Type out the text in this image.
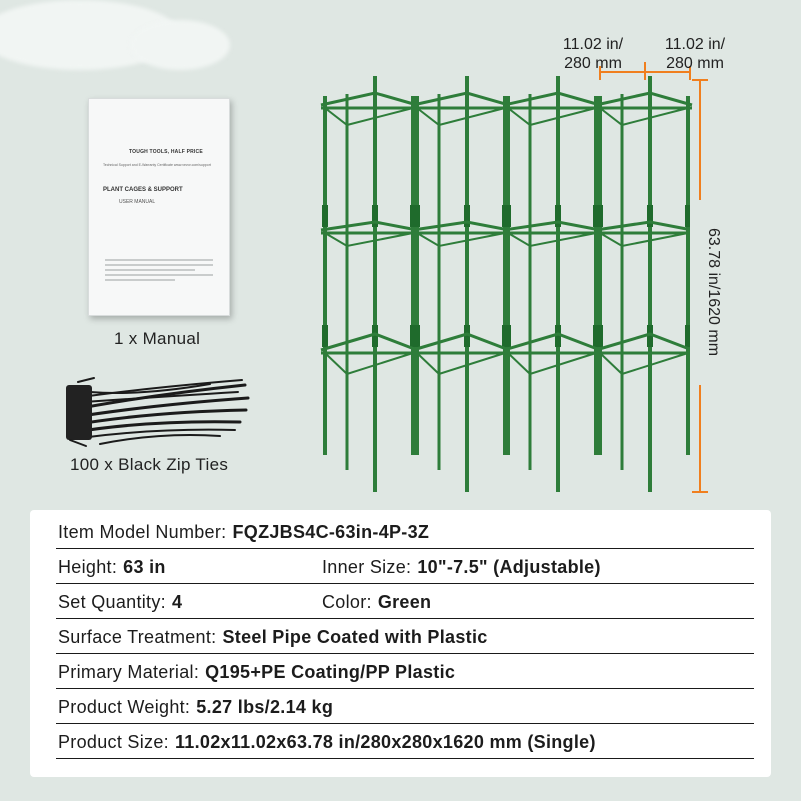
TOUGH TOOLS, HALF PRICE
Technical Support and E-Warranty Certificate www.vevor.com/support
PLANT CAGES & SUPPORT
USER MANUAL
1 x Manual
100 x Black Zip Ties
11.02 in/
280 mm
11.02 in/
280 mm
63.78 in/1620 mm
Item Model Number: FQZJBS4C-63in-4P-3Z
Height: 63 in	Inner Size: 10"-7.5" (Adjustable)
Set Quantity: 4	Color: Green
Surface Treatment: Steel Pipe Coated with Plastic
Primary Material: Q195+PE Coating/PP Plastic
Product Weight: 5.27 lbs/2.14 kg
Product Size: 11.02x11.02x63.78 in/280x280x1620 mm (Single)
